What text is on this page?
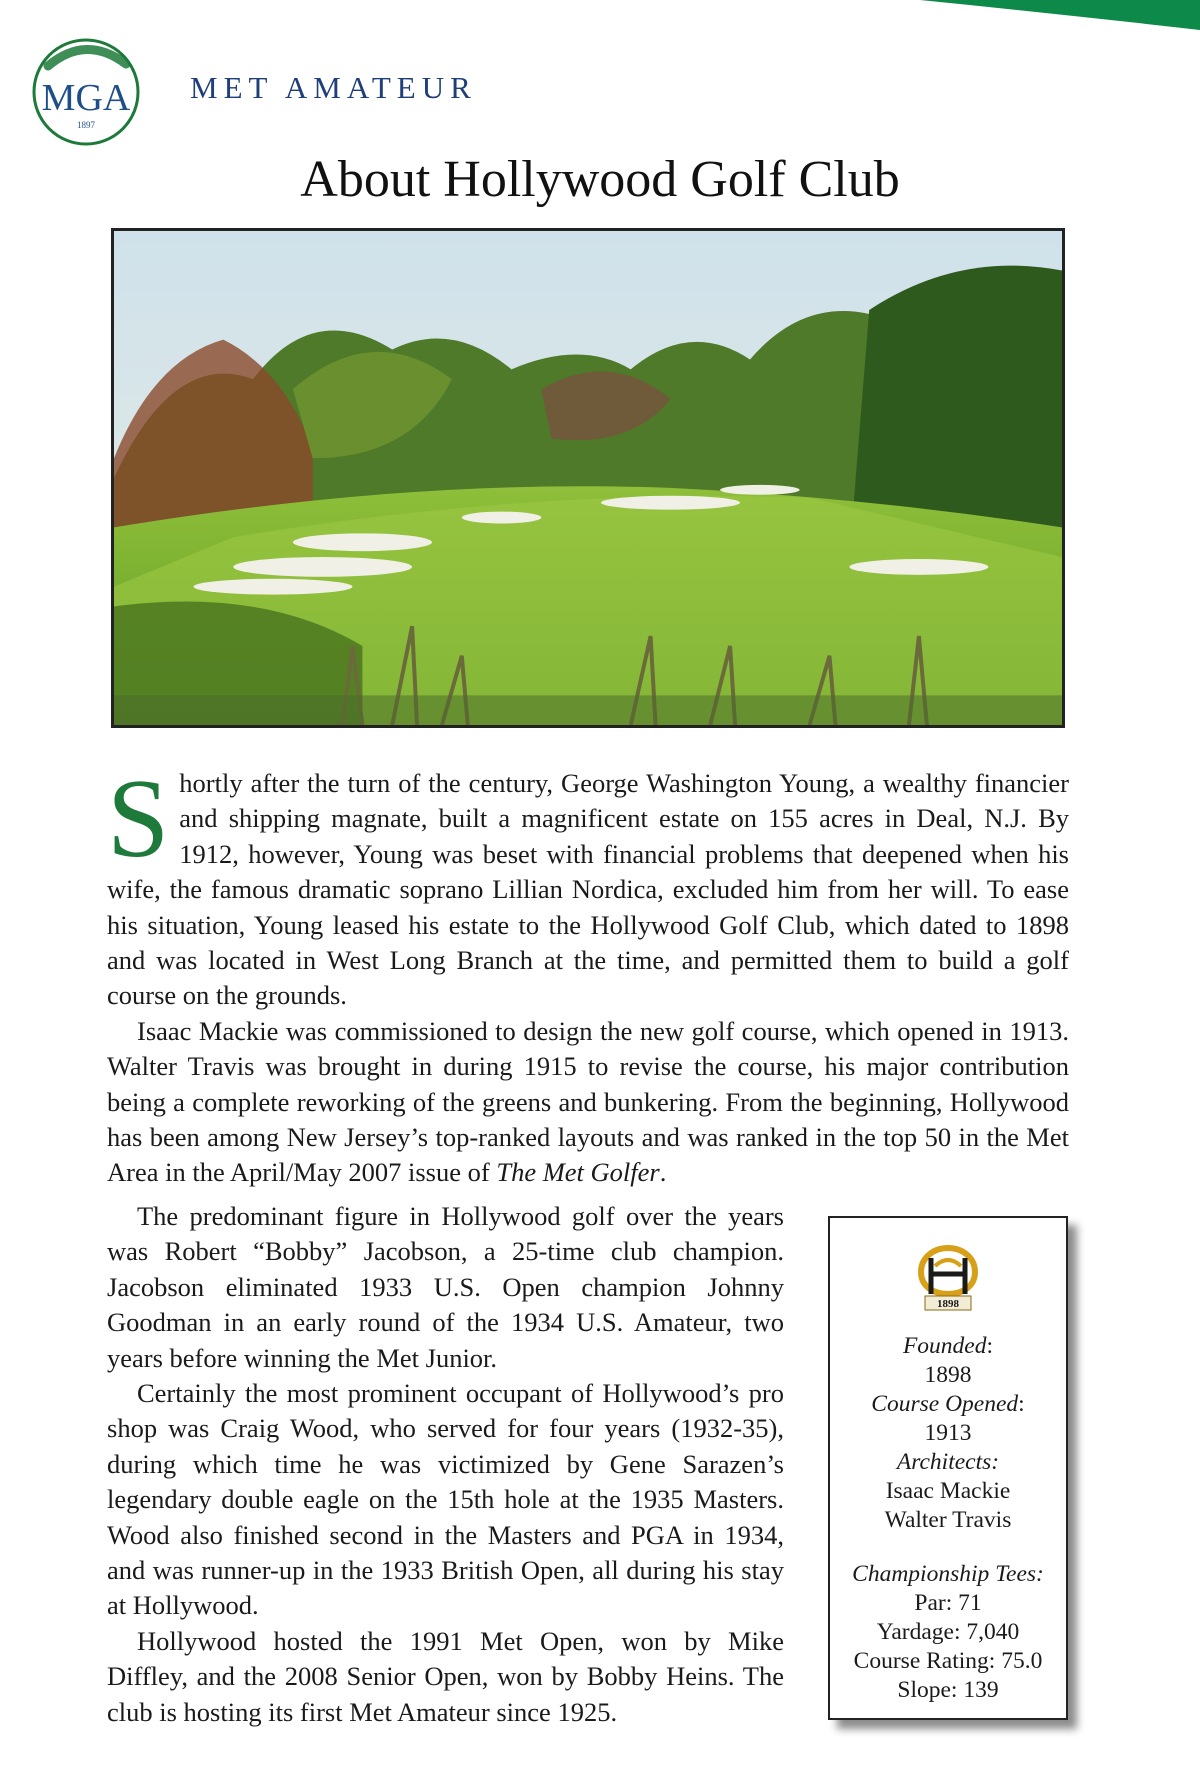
MGA
1897
MET AMATEUR
About Hollywood Golf Club

Shortly after the turn of the century, George Washington Young, a wealthy financier and shipping magnate, built a magnificent estate on 155 acres in Deal, N.J. By 1912, however, Young was beset with financial problems that deepened when his wife, the famous dramatic soprano Lillian Nordica, excluded him from her will. To ease his situation, Young leased his estate to the Hollywood Golf Club, which dated to 1898 and was located in West Long Branch at the time, and permitted them to build a golf course on the grounds.

Isaac Mackie was commissioned to design the new golf course, which opened in 1913. Walter Travis was brought in during 1915 to revise the course, his major contribution being a complete reworking of the greens and bunkering. From the beginning, Hollywood has been among New Jersey’s top-ranked layouts and was ranked in the top 50 in the Met Area in the April/May 2007 issue of The Met Golfer.

The predominant figure in Hollywood golf over the years was Robert “Bobby” Jacobson, a 25-time club champion. Jacobson eliminated 1933 U.S. Open champion Johnny Goodman in an early round of the 1934 U.S. Amateur, two years before winning the Met Junior.

Certainly the most prominent occupant of Hollywood’s pro shop was Craig Wood, who served for four years (1932-35), during which time he was victimized by Gene Sarazen’s legendary double eagle on the 15th hole at the 1935 Masters. Wood also finished second in the Masters and PGA in 1934, and was runner-up in the 1933 British Open, all during his stay at Hollywood.

Hollywood hosted the 1991 Met Open, won by Mike Diffley, and the 2008 Senior Open, won by Bobby Heins. The club is hosting its first Met Amateur since 1925.

1898
Founded:
1898
Course Opened:
1913
Architects:
Isaac Mackie
Walter Travis
Championship Tees:
Par: 71
Yardage: 7,040
Course Rating: 75.0
Slope: 139
